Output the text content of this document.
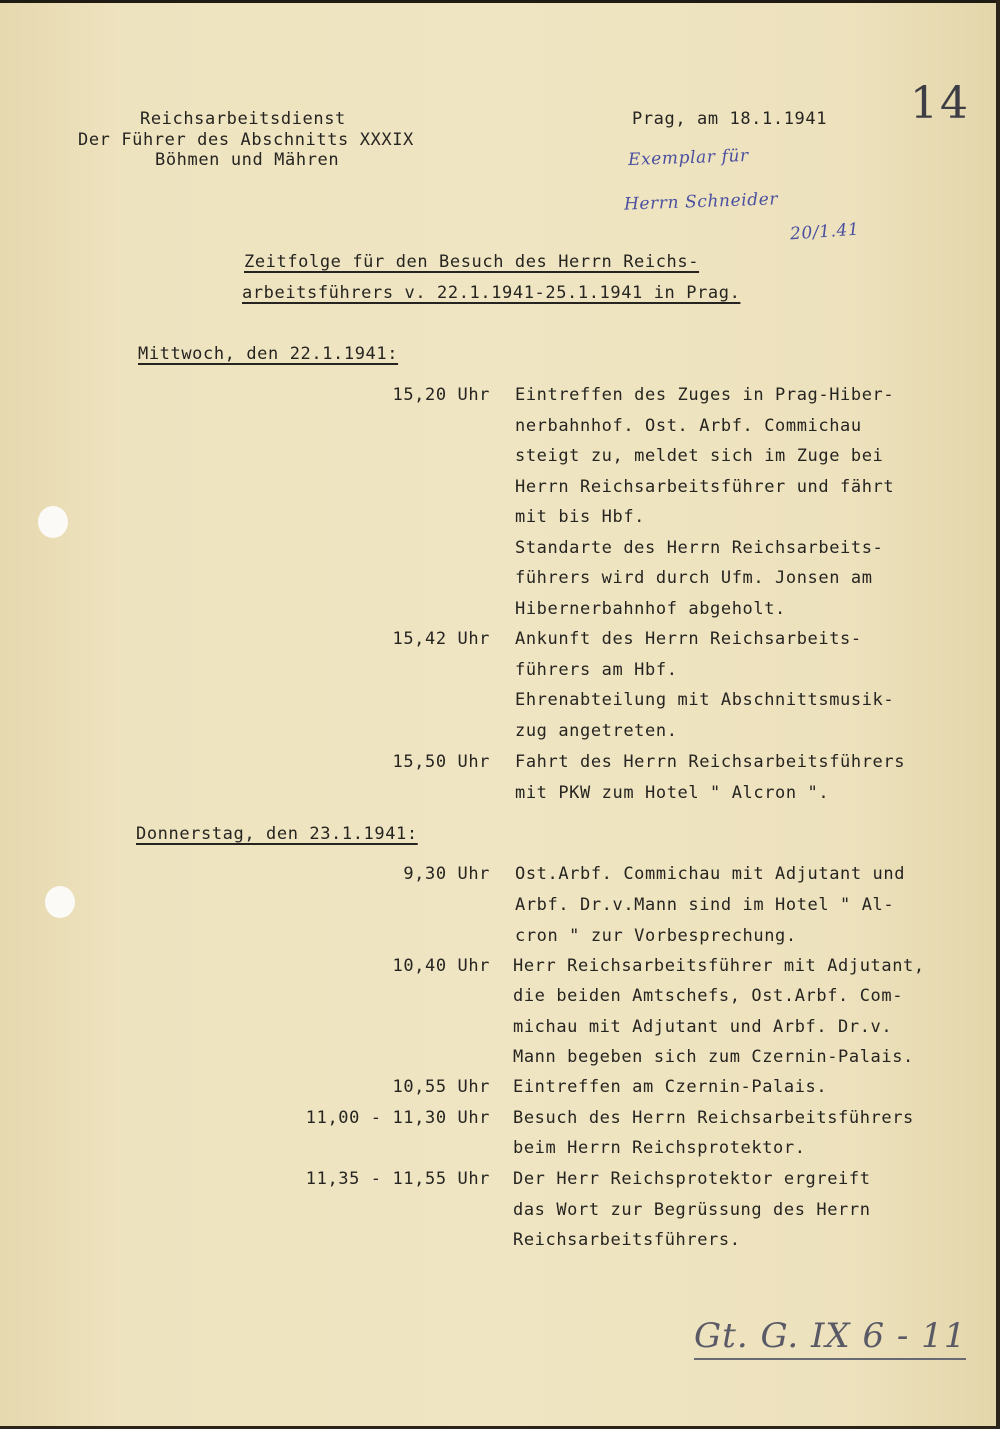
Reichsarbeitsdienst
Der Führer des Abschnitts XXXIX
Böhmen und Mähren
Prag, am 18.1.1941 14
Exemplar für
Herrn Schneider
20/1.41
Zeitfolge für den Besuch des Herrn Reichs-
arbeitsführers v. 22.1.1941-25.1.1941 in Prag.
Mittwoch, den 22.1.1941:
15,20 Uhr Eintreffen des Zuges in Prag-Hiber-
nerbahnhof. Ost. Arbf. Commichau
steigt zu, meldet sich im Zuge bei
Herrn Reichsarbeitsführer und fährt
mit bis Hbf.
Standarte des Herrn Reichsarbeits-
führers wird durch Ufm. Jonsen am
Hibernerbahnhof abgeholt.
15,42 Uhr Ankunft des Herrn Reichsarbeits-
führers am Hbf.
Ehrenabteilung mit Abschnittsmusik-
zug angetreten.
15,50 Uhr Fahrt des Herrn Reichsarbeitsführers
mit PKW zum Hotel " Alcron ".
Donnerstag, den 23.1.1941:
9,30 Uhr Ost.Arbf. Commichau mit Adjutant und
Arbf. Dr.v.Mann sind im Hotel " Al-
cron " zur Vorbesprechung.
10,40 Uhr Herr Reichsarbeitsführer mit Adjutant,
die beiden Amtschefs, Ost.Arbf. Com-
michau mit Adjutant und Arbf. Dr.v.
Mann begeben sich zum Czernin-Palais.
10,55 Uhr Eintreffen am Czernin-Palais.
11,00 - 11,30 Uhr Besuch des Herrn Reichsarbeitsführers
beim Herrn Reichsprotektor.
11,35 - 11,55 Uhr Der Herr Reichsprotektor ergreift
das Wort zur Begrüssung des Herrn
Reichsarbeitsführers.
Gt. G. IX 6 - 11
